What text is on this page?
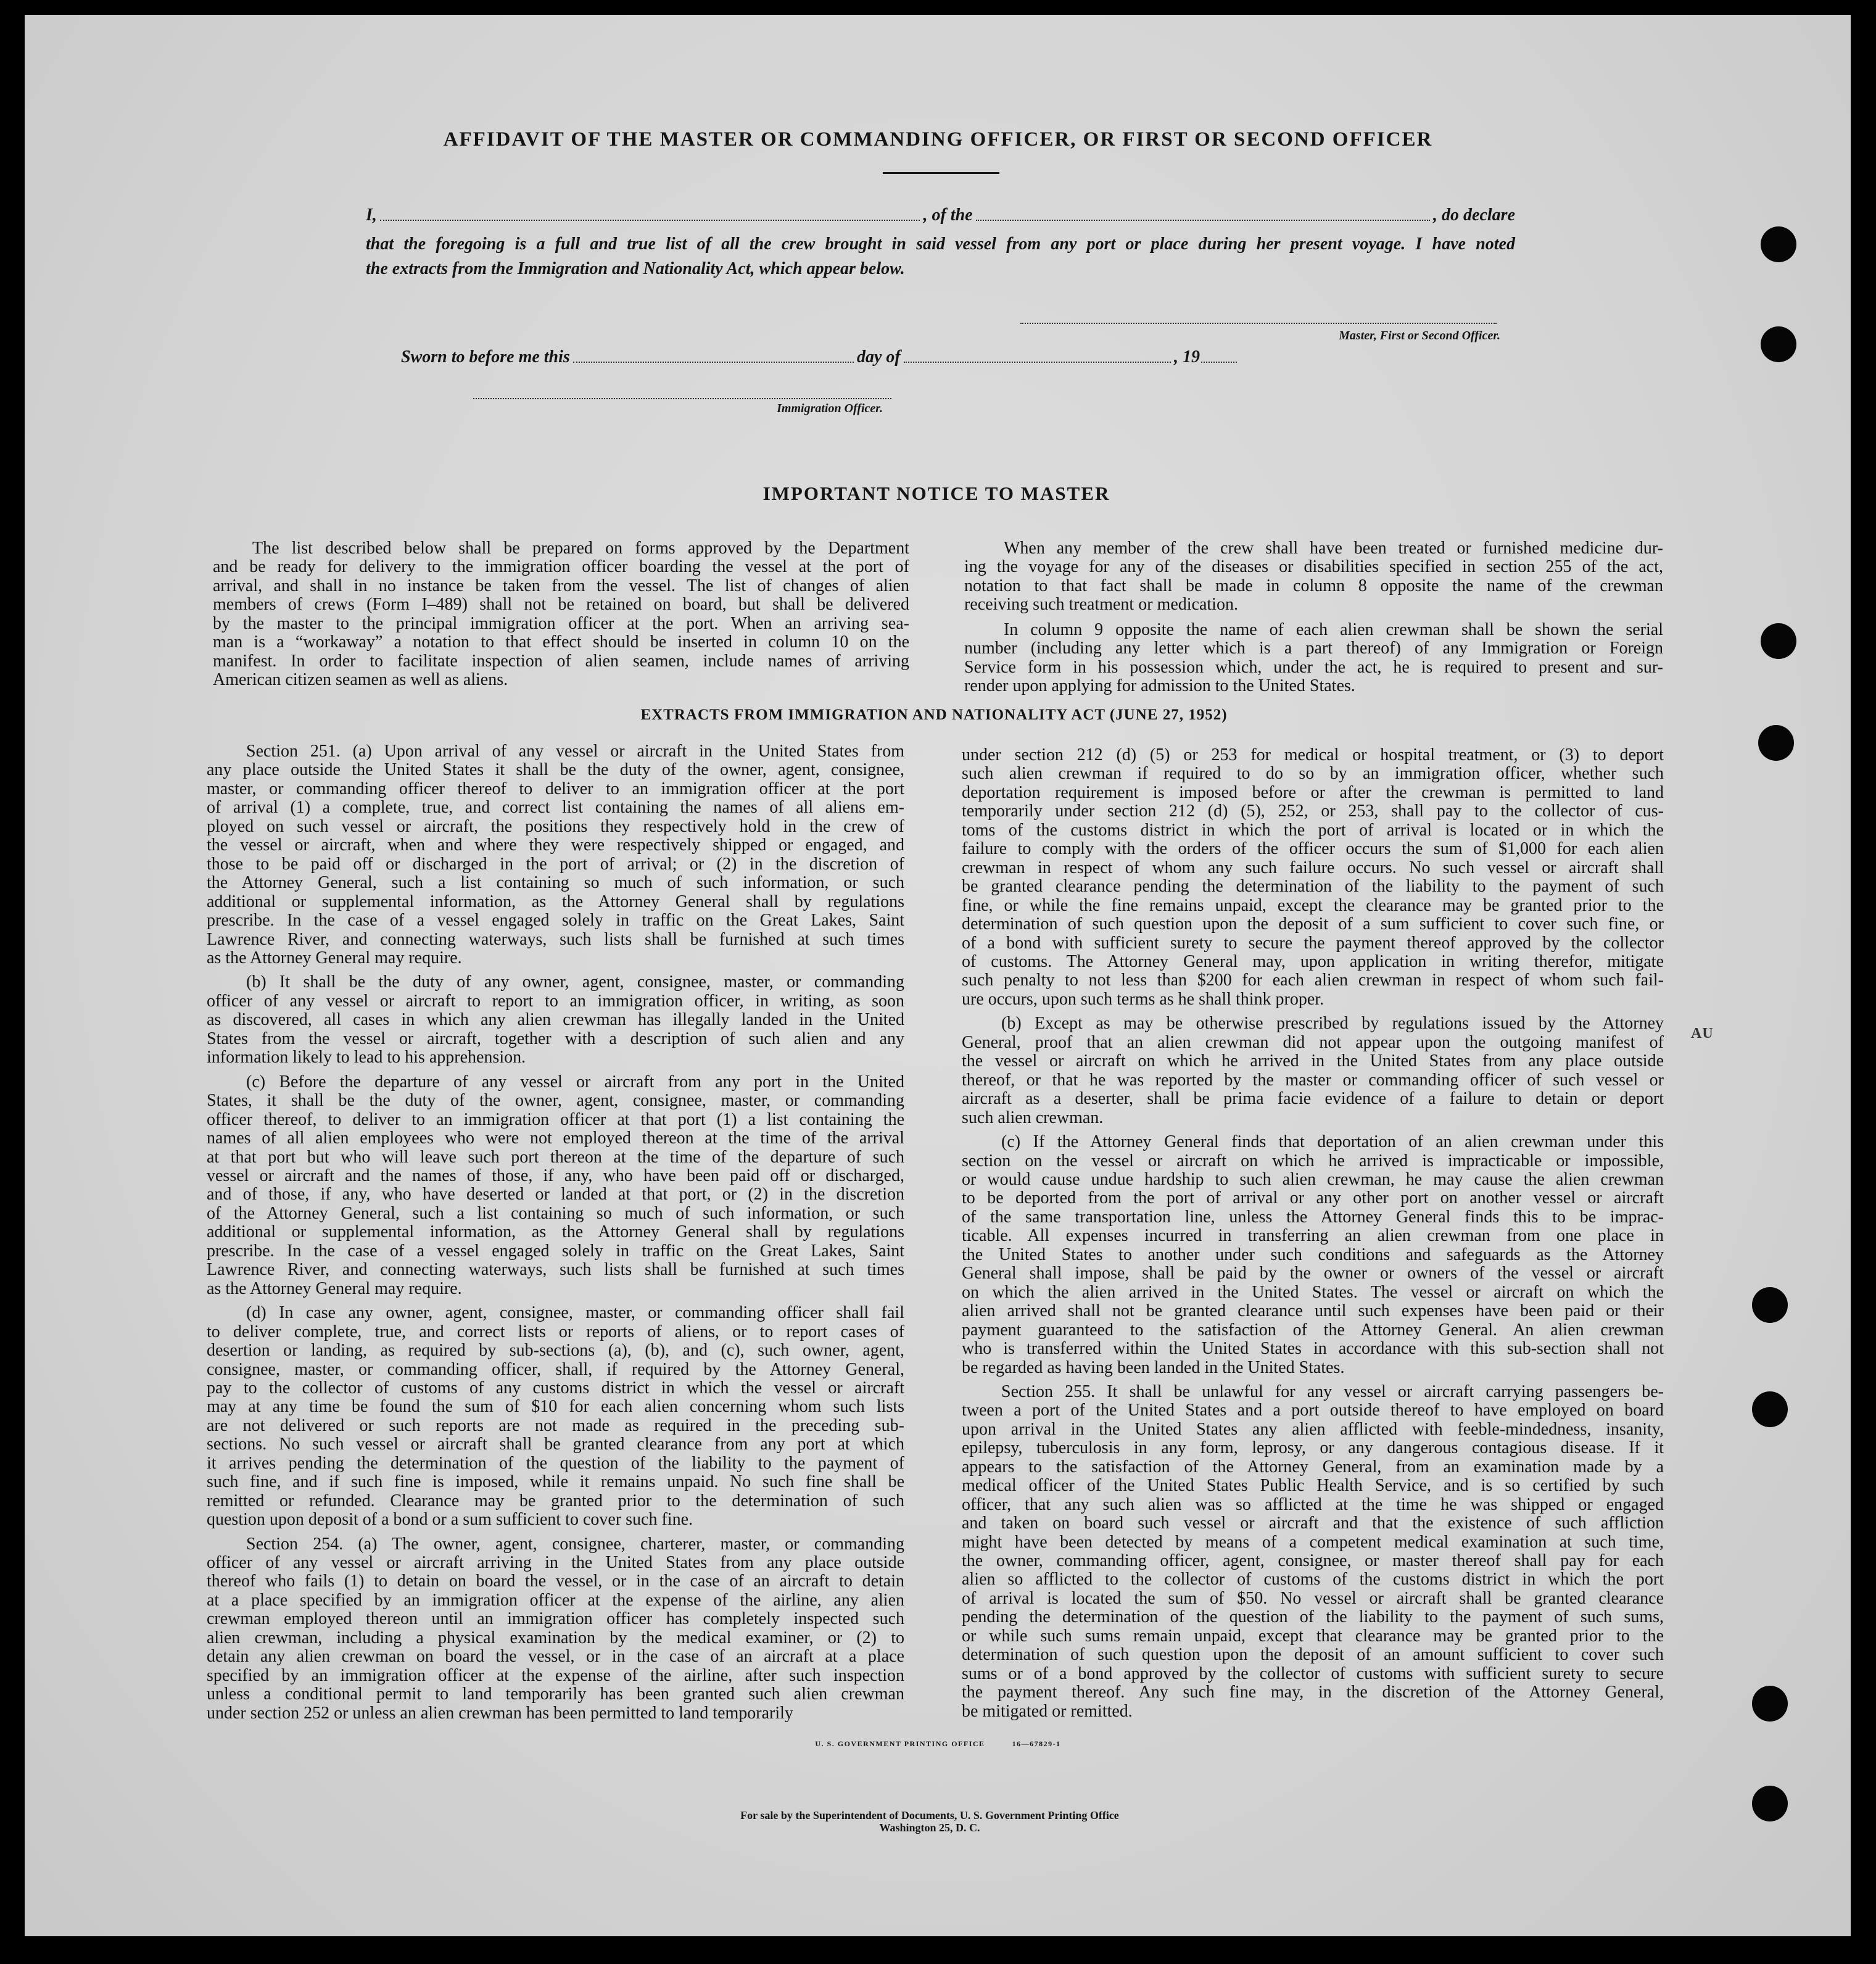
AFFIDAVIT OF THE MASTER OR COMMANDING OFFICER, OR FIRST OR SECOND OFFICER
I,	, of the	, do declare
that the foregoing is a full and true list of all the crew brought in said vessel from any port or place during her present voyage. I have noted
the extracts from the Immigration and Nationality Act, which appear below.
Master, First or Second Officer.
Sworn to before me this	day of	, 19
Immigration Officer.
IMPORTANT NOTICE TO MASTER
The list described below shall be prepared on forms approved by the Department
and be ready for delivery to the immigration officer boarding the vessel at the port of
arrival, and shall in no instance be taken from the vessel. The list of changes of alien
members of crews (Form I–489) shall not be retained on board, but shall be delivered
by the master to the principal immigration officer at the port. When an arriving sea-
man is a “workaway” a notation to that effect should be inserted in column 10 on the
manifest. In order to facilitate inspection of alien seamen, include names of arriving
American citizen seamen as well as aliens.
When any member of the crew shall have been treated or furnished medicine dur-
ing the voyage for any of the diseases or disabilities specified in section 255 of the act,
notation to that fact shall be made in column 8 opposite the name of the crewman
receiving such treatment or medication.
In column 9 opposite the name of each alien crewman shall be shown the serial
number (including any letter which is a part thereof) of any Immigration or Foreign
Service form in his possession which, under the act, he is required to present and sur-
render upon applying for admission to the United States.
EXTRACTS FROM IMMIGRATION AND NATIONALITY ACT (JUNE 27, 1952)
Section 251. (a) Upon arrival of any vessel or aircraft in the United States from
any place outside the United States it shall be the duty of the owner, agent, consignee,
master, or commanding officer thereof to deliver to an immigration officer at the port
of arrival (1) a complete, true, and correct list containing the names of all aliens em-
ployed on such vessel or aircraft, the positions they respectively hold in the crew of
the vessel or aircraft, when and where they were respectively shipped or engaged, and
those to be paid off or discharged in the port of arrival; or (2) in the discretion of
the Attorney General, such a list containing so much of such information, or such
additional or supplemental information, as the Attorney General shall by regulations
prescribe. In the case of a vessel engaged solely in traffic on the Great Lakes, Saint
Lawrence River, and connecting waterways, such lists shall be furnished at such times
as the Attorney General may require.
(b) It shall be the duty of any owner, agent, consignee, master, or commanding
officer of any vessel or aircraft to report to an immigration officer, in writing, as soon
as discovered, all cases in which any alien crewman has illegally landed in the United
States from the vessel or aircraft, together with a description of such alien and any
information likely to lead to his apprehension.
(c) Before the departure of any vessel or aircraft from any port in the United
States, it shall be the duty of the owner, agent, consignee, master, or commanding
officer thereof, to deliver to an immigration officer at that port (1) a list containing the
names of all alien employees who were not employed thereon at the time of the arrival
at that port but who will leave such port thereon at the time of the departure of such
vessel or aircraft and the names of those, if any, who have been paid off or discharged,
and of those, if any, who have deserted or landed at that port, or (2) in the discretion
of the Attorney General, such a list containing so much of such information, or such
additional or supplemental information, as the Attorney General shall by regulations
prescribe. In the case of a vessel engaged solely in traffic on the Great Lakes, Saint
Lawrence River, and connecting waterways, such lists shall be furnished at such times
as the Attorney General may require.
(d) In case any owner, agent, consignee, master, or commanding officer shall fail
to deliver complete, true, and correct lists or reports of aliens, or to report cases of
desertion or landing, as required by sub-sections (a), (b), and (c), such owner, agent,
consignee, master, or commanding officer, shall, if required by the Attorney General,
pay to the collector of customs of any customs district in which the vessel or aircraft
may at any time be found the sum of $10 for each alien concerning whom such lists
are not delivered or such reports are not made as required in the preceding sub-
sections. No such vessel or aircraft shall be granted clearance from any port at which
it arrives pending the determination of the question of the liability to the payment of
such fine, and if such fine is imposed, while it remains unpaid. No such fine shall be
remitted or refunded. Clearance may be granted prior to the determination of such
question upon deposit of a bond or a sum sufficient to cover such fine.
Section 254. (a) The owner, agent, consignee, charterer, master, or commanding
officer of any vessel or aircraft arriving in the United States from any place outside
thereof who fails (1) to detain on board the vessel, or in the case of an aircraft to detain
at a place specified by an immigration officer at the expense of the airline, any alien
crewman employed thereon until an immigration officer has completely inspected such
alien crewman, including a physical examination by the medical examiner, or (2) to
detain any alien crewman on board the vessel, or in the case of an aircraft at a place
specified by an immigration officer at the expense of the airline, after such inspection
unless a conditional permit to land temporarily has been granted such alien crewman
under section 252 or unless an alien crewman has been permitted to land temporarily
under section 212 (d) (5) or 253 for medical or hospital treatment, or (3) to deport
such alien crewman if required to do so by an immigration officer, whether such
deportation requirement is imposed before or after the crewman is permitted to land
temporarily under section 212 (d) (5), 252, or 253, shall pay to the collector of cus-
toms of the customs district in which the port of arrival is located or in which the
failure to comply with the orders of the officer occurs the sum of $1,000 for each alien
crewman in respect of whom any such failure occurs. No such vessel or aircraft shall
be granted clearance pending the determination of the liability to the payment of such
fine, or while the fine remains unpaid, except the clearance may be granted prior to the
determination of such question upon the deposit of a sum sufficient to cover such fine, or
of a bond with sufficient surety to secure the payment thereof approved by the collector
of customs. The Attorney General may, upon application in writing therefor, mitigate
such penalty to not less than $200 for each alien crewman in respect of whom such fail-
ure occurs, upon such terms as he shall think proper.
(b) Except as may be otherwise prescribed by regulations issued by the Attorney
General, proof that an alien crewman did not appear upon the outgoing manifest of
the vessel or aircraft on which he arrived in the United States from any place outside
thereof, or that he was reported by the master or commanding officer of such vessel or
aircraft as a deserter, shall be prima facie evidence of a failure to detain or deport
such alien crewman.
(c) If the Attorney General finds that deportation of an alien crewman under this
section on the vessel or aircraft on which he arrived is impracticable or impossible,
or would cause undue hardship to such alien crewman, he may cause the alien crewman
to be deported from the port of arrival or any other port on another vessel or aircraft
of the same transportation line, unless the Attorney General finds this to be imprac-
ticable. All expenses incurred in transferring an alien crewman from one place in
the United States to another under such conditions and safeguards as the Attorney
General shall impose, shall be paid by the owner or owners of the vessel or aircraft
on which the alien arrived in the United States. The vessel or aircraft on which the
alien arrived shall not be granted clearance until such expenses have been paid or their
payment guaranteed to the satisfaction of the Attorney General. An alien crewman
who is transferred within the United States in accordance with this sub-section shall not
be regarded as having been landed in the United States.
Section 255. It shall be unlawful for any vessel or aircraft carrying passengers be-
tween a port of the United States and a port outside thereof to have employed on board
upon arrival in the United States any alien afflicted with feeble-mindedness, insanity,
epilepsy, tuberculosis in any form, leprosy, or any dangerous contagious disease. If it
appears to the satisfaction of the Attorney General, from an examination made by a
medical officer of the United States Public Health Service, and is so certified by such
officer, that any such alien was so afflicted at the time he was shipped or engaged
and taken on board such vessel or aircraft and that the existence of such affliction
might have been detected by means of a competent medical examination at such time,
the owner, commanding officer, agent, consignee, or master thereof shall pay for each
alien so afflicted to the collector of customs of the customs district in which the port
of arrival is located the sum of $50. No vessel or aircraft shall be granted clearance
pending the determination of the question of the liability to the payment of such sums,
or while such sums remain unpaid, except that clearance may be granted prior to the
determination of such question upon the deposit of an amount sufficient to cover such
sums or of a bond approved by the collector of customs with sufficient surety to secure
the payment thereof. Any such fine may, in the discretion of the Attorney General,
be mitigated or remitted.
AU
U. S. GOVERNMENT PRINTING OFFICE	16—67829-1
For sale by the Superintendent of Documents, U. S. Government Printing Office
Washington 25, D. C.
